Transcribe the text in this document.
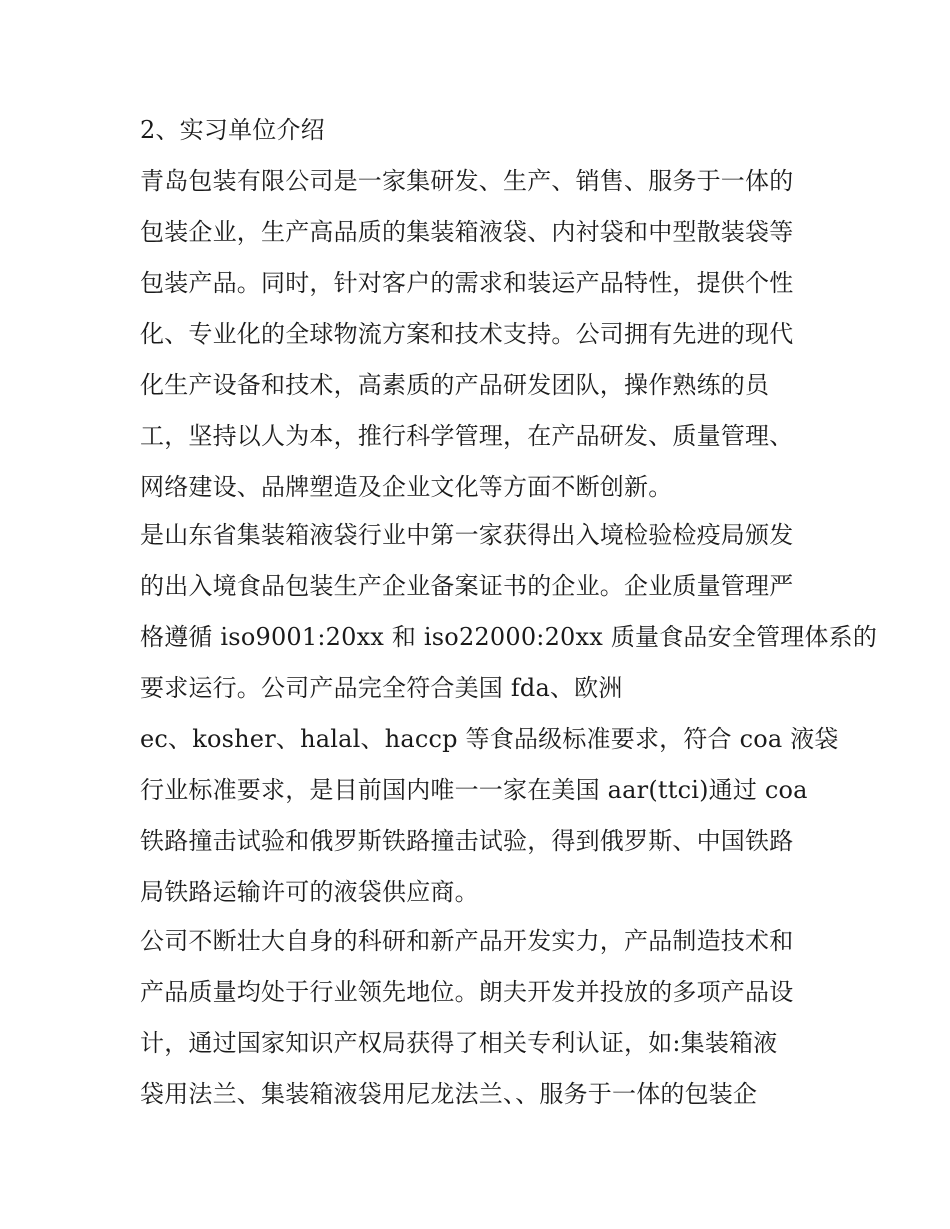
2、实习单位介绍
青岛包装有限公司是一家集研发、生产、销售、服务于一体的
包装企业，生产高品质的集装箱液袋、内衬袋和中型散装袋等
包装产品。同时，针对客户的需求和装运产品特性，提供个性
化、专业化的全球物流方案和技术支持。公司拥有先进的现代
化生产设备和技术，高素质的产品研发团队，操作熟练的员
工，坚持以人为本，推行科学管理，在产品研发、质量管理、
网络建设、品牌塑造及企业文化等方面不断创新。
是山东省集装箱液袋行业中第一家获得出入境检验检疫局颁发
的出入境食品包装生产企业备案证书的企业。企业质量管理严
格遵循 iso9001:20xx 和 iso22000:20xx 质量食品安全管理体系的
要求运行。公司产品完全符合美国 fda、欧洲
ec、kosher、halal、haccp 等食品级标准要求，符合 coa 液袋
行业标准要求，是目前国内唯一一家在美国 aar(ttci)通过 coa
铁路撞击试验和俄罗斯铁路撞击试验，得到俄罗斯、中国铁路
局铁路运输许可的液袋供应商。
公司不断壮大自身的科研和新产品开发实力，产品制造技术和
产品质量均处于行业领先地位。朗夫开发并投放的多项产品设
计，通过国家知识产权局获得了相关专利认证，如:集装箱液
袋用法兰、集装箱液袋用尼龙法兰、、服务于一体的包装企
